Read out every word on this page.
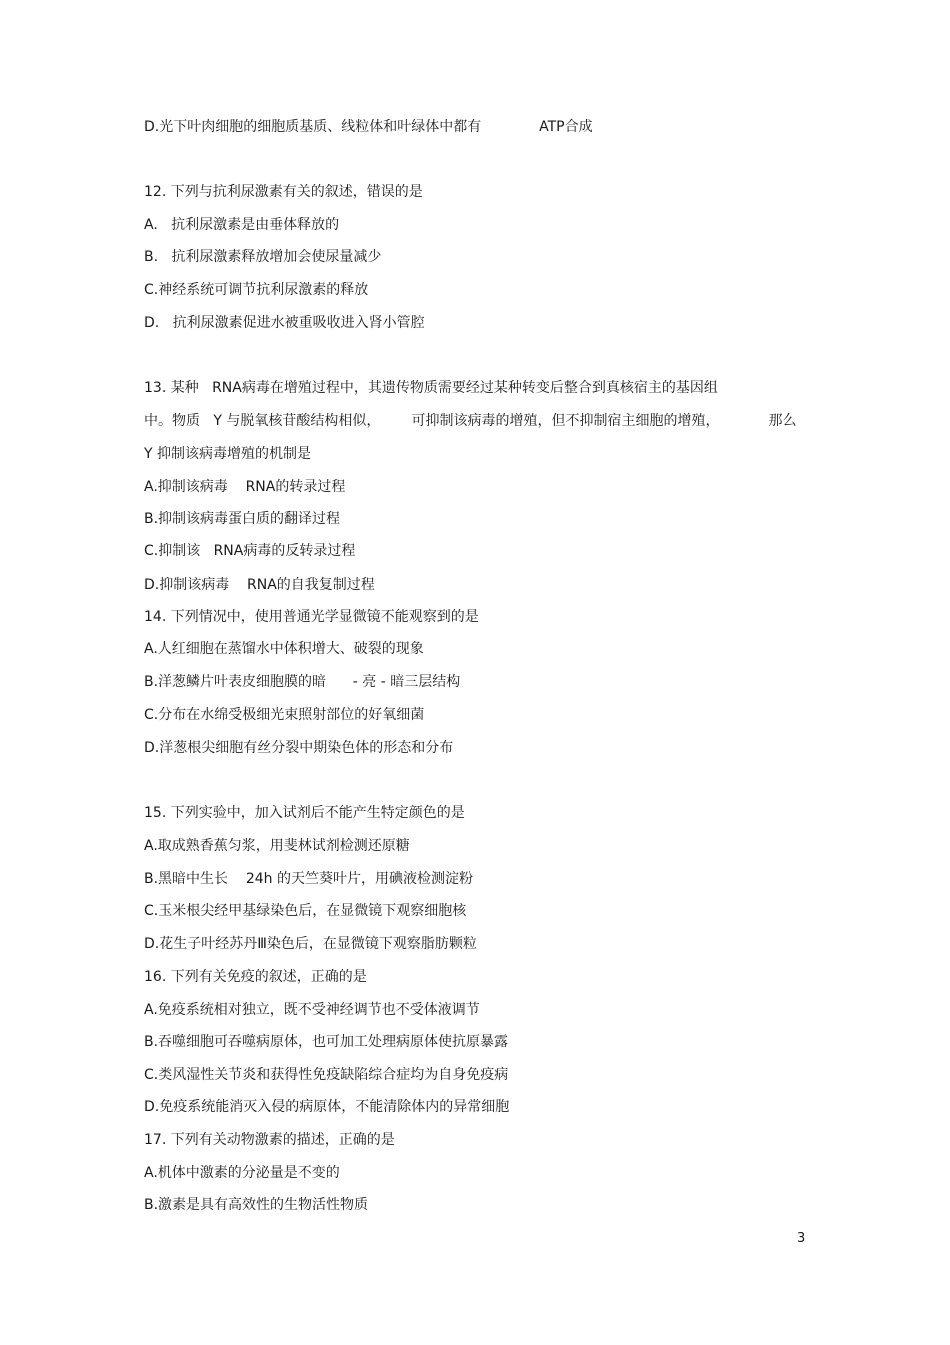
D.光下叶肉细胞的细胞质基质、线粒体和叶绿体中都有             ATP合成
12. 下列与抗利尿激素有关的叙述，错误的是
A.   抗利尿激素是由垂体释放的
B.   抗利尿激素释放增加会使尿量减少
C.神经系统可调节抗利尿激素的释放
D.   抗利尿激素促进水被重吸收进入肾小管腔
13. 某种   RNA病毒在增殖过程中，其遗传物质需要经过某种转变后整合到真核宿主的基因组
中。物质   Y 与脱氧核苷酸结构相似，       可抑制该病毒的增殖，但不抑制宿主细胞的增殖，           那么
Y 抑制该病毒增殖的机制是
A.抑制该病毒    RNA的转录过程
B.抑制该病毒蛋白质的翻译过程
C.抑制该   RNA病毒的反转录过程
D.抑制该病毒    RNA的自我复制过程
14. 下列情况中，使用普通光学显微镜不能观察到的是
A.人红细胞在蒸馏水中体积增大、破裂的现象
B.洋葱鳞片叶表皮细胞膜的暗      - 亮 - 暗三层结构
C.分布在水绵受极细光束照射部位的好氧细菌
D.洋葱根尖细胞有丝分裂中期染色体的形态和分布
15. 下列实验中，加入试剂后不能产生特定颜色的是
A.取成熟香蕉匀浆，用斐林试剂检测还原糖
B.黑暗中生长    24h 的天竺葵叶片，用碘液检测淀粉
C.玉米根尖经甲基绿染色后，在显微镜下观察细胞核
D.花生子叶经苏丹Ⅲ染色后，在显微镜下观察脂肪颗粒
16. 下列有关免疫的叙述，正确的是
A.免疫系统相对独立，既不受神经调节也不受体液调节
B.吞噬细胞可吞噬病原体，也可加工处理病原体使抗原暴露
C.类风湿性关节炎和获得性免疫缺陷综合症均为自身免疫病
D.免疫系统能消灭入侵的病原体，不能清除体内的异常细胞
17. 下列有关动物激素的描述，正确的是
A.机体中激素的分泌量是不变的
B.激素是具有高效性的生物活性物质
3
